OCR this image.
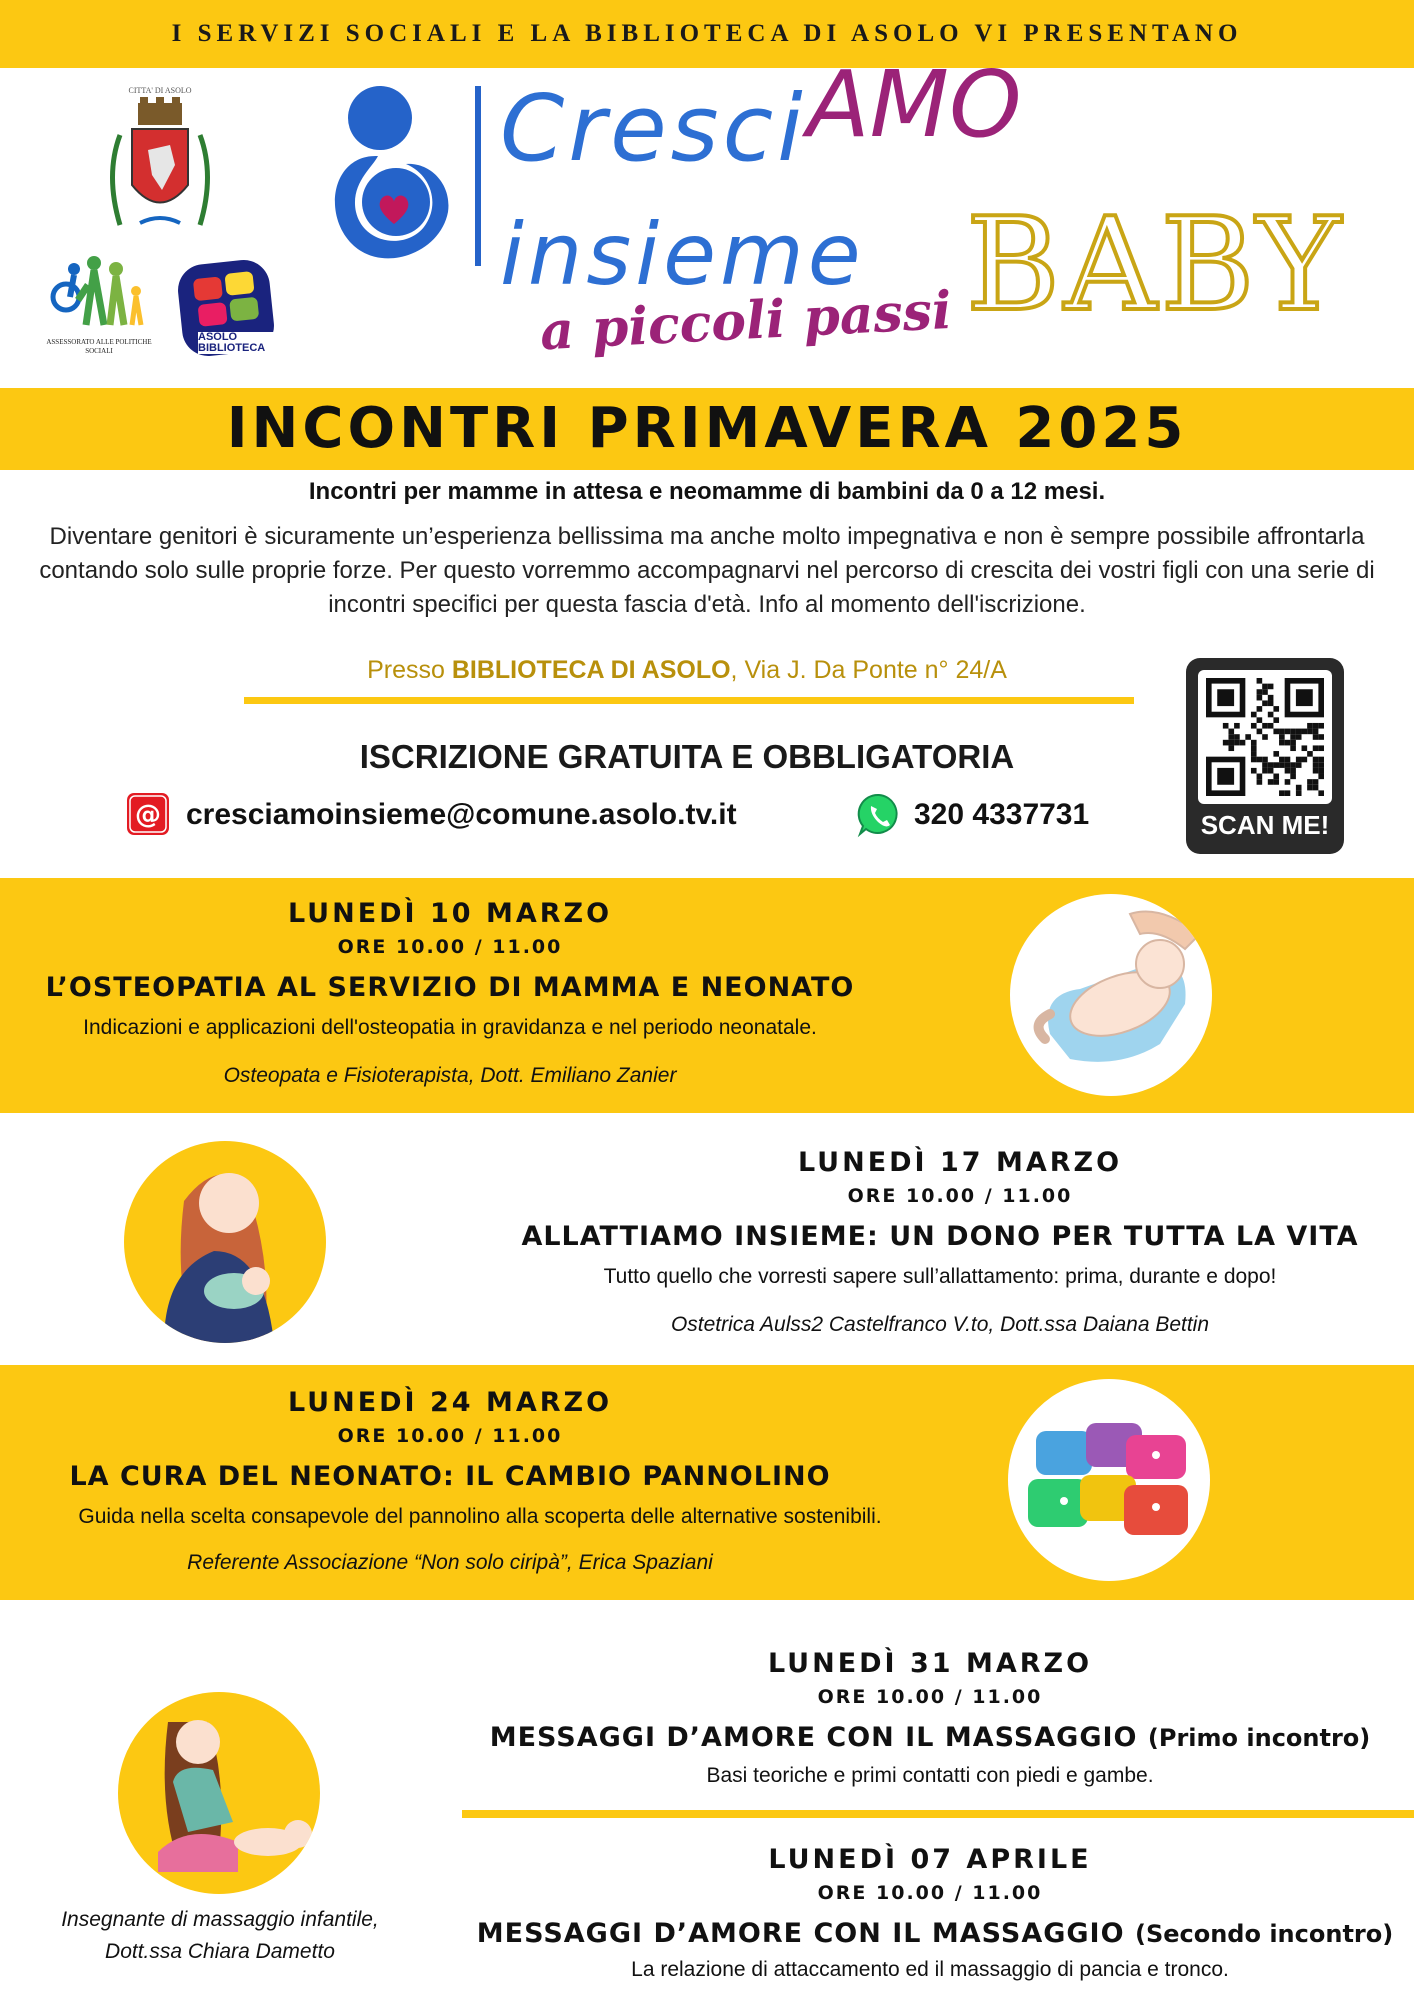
I SERVIZI SOCIALI E LA BIBLIOTECA DI ASOLO VI PRESENTANO
CITTA' DI ASOLO
ASSESSORATO ALLE POLITICHE SOCIALI
ASOLO
BIBLIOTECA
CresciAMO
insieme
a piccoli passi BABY
INCONTRI PRIMAVERA 2025
Incontri per mamme in attesa e neomamme di bambini da 0 a 12 mesi.
Diventare genitori è sicuramente un’esperienza bellissima ma anche molto impegnativa e non è sempre possibile affrontarla contando solo sulle proprie forze. Per questo vorremmo accompagnarvi nel percorso di crescita dei vostri figli con una serie di incontri specifici per questa fascia d'età. Info al momento dell'iscrizione.
Presso BIBLIOTECA DI ASOLO, Via J. Da Ponte n° 24/A
ISCRIZIONE GRATUITA E OBBLIGATORIA
@ cresciamoinsieme@comune.asolo.tv.it	320 4337731	SCAN ME!
LUNEDÌ 10 MARZO
ORE 10.00 / 11.00
L’OSTEOPATIA AL SERVIZIO DI MAMMA E NEONATO
Indicazioni e applicazioni dell'osteopatia in gravidanza e nel periodo neonatale.
Osteopata e Fisioterapista, Dott. Emiliano Zanier
LUNEDÌ 17 MARZO
ORE 10.00 / 11.00
ALLATTIAMO INSIEME: UN DONO PER TUTTA LA VITA
Tutto quello che vorresti sapere sull’allattamento: prima, durante e dopo!
Ostetrica Aulss2 Castelfranco V.to, Dott.ssa Daiana Bettin
LUNEDÌ 24 MARZO
ORE 10.00 / 11.00
LA CURA DEL NEONATO: IL CAMBIO PANNOLINO
Guida nella scelta consapevole del pannolino alla scoperta delle alternative sostenibili.
Referente Associazione “Non solo ciripà”, Erica Spaziani
Insegnante di massaggio infantile,
Dott.ssa Chiara Dametto
LUNEDÌ 31 MARZO
ORE 10.00 / 11.00
MESSAGGI D’AMORE CON IL MASSAGGIO (Primo incontro)
Basi teoriche e primi contatti con piedi e gambe.
LUNEDÌ 07 APRILE
ORE 10.00 / 11.00
MESSAGGI D’AMORE CON IL MASSAGGIO (Secondo incontro)
La relazione di attaccamento ed il massaggio di pancia e tronco.
